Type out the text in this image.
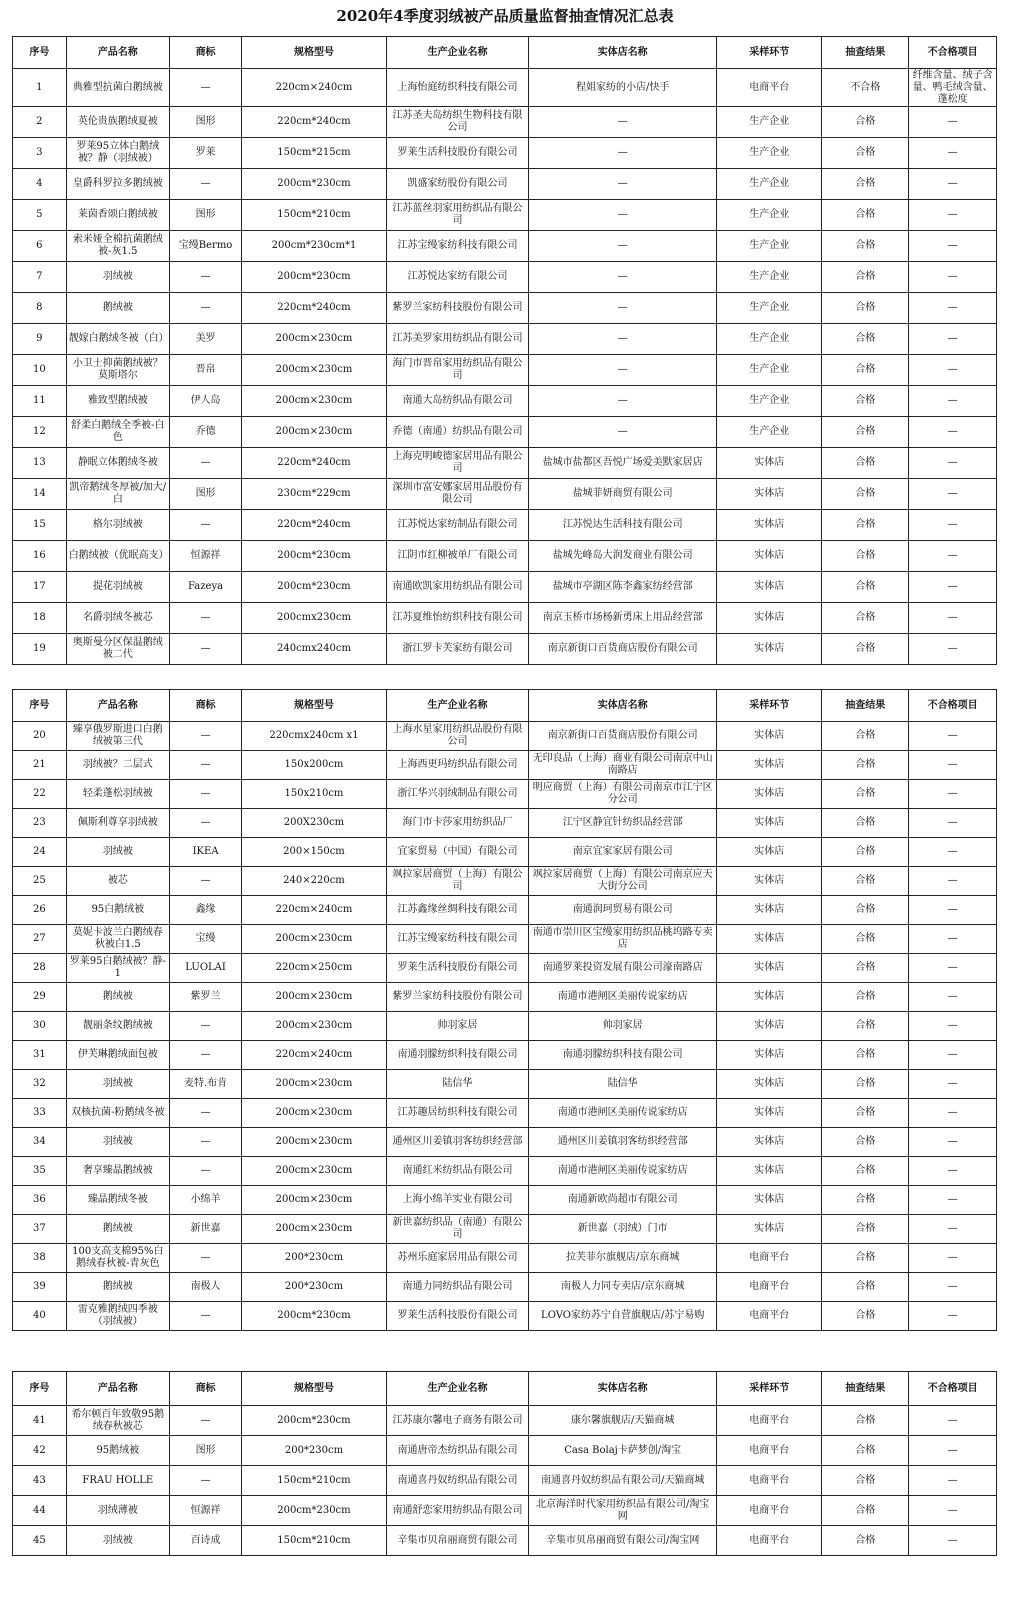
2020年4季度羽绒被产品质量监督抽查情况汇总表
序号	产品名称	商标	规格型号	生产企业名称	实体店名称	采样环节	抽查结果	不合格项目
1	典雅型抗菌白鹅绒被	—	220cm×240cm	上海怡庭纺织科技有限公司	程姐家纺的小店/快手	电商平台	不合格	纤维含量、绒子含量、鸭毛绒含量、蓬松度
2	英伦贵族鹅绒夏被	图形	220cm*240cm	江苏圣夫岛纺织生物科技有限公司	—	生产企业	合格	—
3	罗莱95立体白鹅绒被？静（羽绒被）	罗莱	150cm*215cm	罗莱生活科技股份有限公司	—	生产企业	合格	—
4	皇爵科罗拉多鹅绒被	—	200cm*230cm	凯盛家纺股份有限公司	—	生产企业	合格	—
5	莱茵香颂白鹅绒被	图形	150cm*210cm	江苏蓝丝羽家用纺织品有限公司	—	生产企业	合格	—
6	索米娅全棉抗菌鹅绒被-灰1.5	宝缦Bermo	200cm*230cm*1	江苏宝缦家纺科技有限公司	—	生产企业	合格	—
7	羽绒被	—	200cm*230cm	江苏悦达家纺有限公司	—	生产企业	合格	—
8	鹅绒被	—	220cm*240cm	紫罗兰家纺科技股份有限公司	—	生产企业	合格	—
9	靓嫁白鹅绒冬被（白）	美罗	200cm×230cm	江苏美罗家用纺织品有限公司	—	生产企业	合格	—
10	小卫士抑菌鹅绒被？莫斯塔尔	晋帛	200cm×230cm	海门市晋帛家用纺织品有限公司	—	生产企业	合格	—
11	雅致型鹅绒被	伊人岛	200cm×230cm	南通大岛纺织品有限公司	—	生产企业	合格	—
12	舒柔白鹅绒全季被-白色	乔德	200cm×230cm	乔德（南通）纺织品有限公司	—	生产企业	合格	—
13	静眠立体鹅绒冬被	—	220cm*240cm	上海克明峻德家居用品有限公司	盐城市盐都区吾悦广场爱美默家居店	实体店	合格	—
14	凯帝鹅绒冬厚被/加大/白	图形	230cm*229cm	深圳市富安娜家居用品股份有限公司	盐城菲妍商贸有限公司	实体店	合格	—
15	格尔羽绒被	—	220cm*240cm	江苏悦达家纺制品有限公司	江苏悦达生活科技有限公司	实体店	合格	—
16	白鹅绒被（优眠高支）	恒源祥	200cm*230cm	江阴市红柳被单厂有限公司	盐城先峰岛大润发商业有限公司	实体店	合格	—
17	提花羽绒被	Fazeya	200cm*230cm	南通欧凯家用纺织品有限公司	盐城市亭湖区陈李鑫家纺经营部	实体店	合格	—
18	名爵羽绒冬被芯	—	200cmx230cm	江苏夏维怡纺织科技有限公司	南京玉桥市场杨新勇床上用品经营部	实体店	合格	—
19	奥斯曼分区保温鹅绒被二代	—	240cmx240cm	浙江罗卡芙家纺有限公司	南京新街口百货商店股份有限公司	实体店	合格	—
序号	产品名称	商标	规格型号	生产企业名称	实体店名称	采样环节	抽查结果	不合格项目
20	臻享俄罗斯进口白鹅绒被第三代	—	220cmx240cm x1	上海水星家用纺织品股份有限公司	南京新街口百货商店股份有限公司	实体店	合格	—
21	羽绒被？二层式	—	150x200cm	上海西更玛纺织品有限公司	无印良品（上海）商业有限公司南京中山南路店	实体店	合格	—
22	轻柔蓬松羽绒被	—	150x210cm	浙江华兴羽绒制品有限公司	明应商贸（上海）有限公司南京市江宁区分公司	实体店	合格	—
23	佩斯利尊享羽绒被	—	200X230cm	海门市卡莎家用纺织品厂	江宁区静宜针纺织品经营部	实体店	合格	—
24	羽绒被	IKEA	200×150cm	宜家贸易（中国）有限公司	南京宜家家居有限公司	实体店	合格	—
25	被芯	—	240×220cm	飒拉家居商贸（上海）有限公司	飒拉家居商贸（上海）有限公司南京应天大街分公司	实体店	合格	—
26	95白鹅绒被	鑫缘	220cm×240cm	江苏鑫缘丝绸科技有限公司	南通润珂贸易有限公司	实体店	合格	—
27	莫妮卡波兰白鹅绒春秋被白1.5	宝缦	200cm×230cm	江苏宝缦家纺科技有限公司	南通市崇川区宝缦家用纺织品桃坞路专卖店	实体店	合格	—
28	罗莱95白鹅绒被？静-1	LUOLAI	220cm×250cm	罗莱生活科技股份有限公司	南通罗莱投资发展有限公司濠南路店	实体店	合格	—
29	鹅绒被	紫罗兰	200cm×230cm	紫罗兰家纺科技股份有限公司	南通市港闸区美丽传说家纺店	实体店	合格	—
30	靓丽条纹鹅绒被	—	200cm×230cm	帅羽家居	帅羽家居	实体店	合格	—
31	伊芙琳鹅绒面包被	—	220cm×240cm	南通羽朦纺织科技有限公司	南通羽朦纺织科技有限公司	实体店	合格	—
32	羽绒被	麦特.布肯	200cm×230cm	陆信华	陆信华	实体店	合格	—
33	双核抗菌-粉鹅绒冬被	—	200cm×230cm	江苏趣居纺织科技有限公司	南通市港闸区美丽传说家纺店	实体店	合格	—
34	羽绒被	—	200cm×230cm	通州区川姜镇羽客纺织经营部	通州区川姜镇羽客纺织经营部	实体店	合格	—
35	奢享臻晶鹅绒被	—	200cm×230cm	南通红米纺织品有限公司	南通市港闸区美丽传说家纺店	实体店	合格	—
36	臻晶鹅绒冬被	小绵羊	200cm×230cm	上海小绵羊实业有限公司	南通新欧尚超市有限公司	实体店	合格	—
37	鹅绒被	新世嘉	200cm×230cm	新世嘉纺织品（南通）有限公司	新世嘉（羽绒）门市	实体店	合格	—
38	100支高支棉95%白鹅绒春秋被-青灰色	—	200*230cm	苏州乐庭家居用品有限公司	拉芙菲尔旗舰店/京东商城	电商平台	合格	—
39	鹅绒被	南极人	200*230cm	南通力同纺织品有限公司	南极人力同专卖店/京东商城	电商平台	合格	—
40	雷克雅鹅绒四季被（羽绒被）	—	200cm*230cm	罗莱生活科技股份有限公司	LOVO家纺苏宁自营旗舰店/苏宁易购	电商平台	合格	—
序号	产品名称	商标	规格型号	生产企业名称	实体店名称	采样环节	抽查结果	不合格项目
41	希尔顿百年致敬95鹅绒春秋被芯	—	200cm*230cm	江苏康尔馨电子商务有限公司	康尔馨旗舰店/天猫商城	电商平台	合格	—
42	95鹅绒被	图形	200*230cm	南通唐帝杰纺织品有限公司	Casa Bolaj卡萨梦创/淘宝	电商平台	合格	—
43	FRAU HOLLE	—	150cm*210cm	南通喜丹奴纺织品有限公司	南通喜丹奴纺织品有限公司/天猫商城	电商平台	合格	—
44	羽绒薄被	恒源祥	200cm*230cm	南通舒恋家用纺织品有限公司	北京海洋时代家用纺织品有限公司/淘宝网	电商平台	合格	—
45	羽绒被	百诗成	150cm*210cm	辛集市贝帛丽商贸有限公司	辛集市贝帛丽商贸有限公司/淘宝网	电商平台	合格	—
